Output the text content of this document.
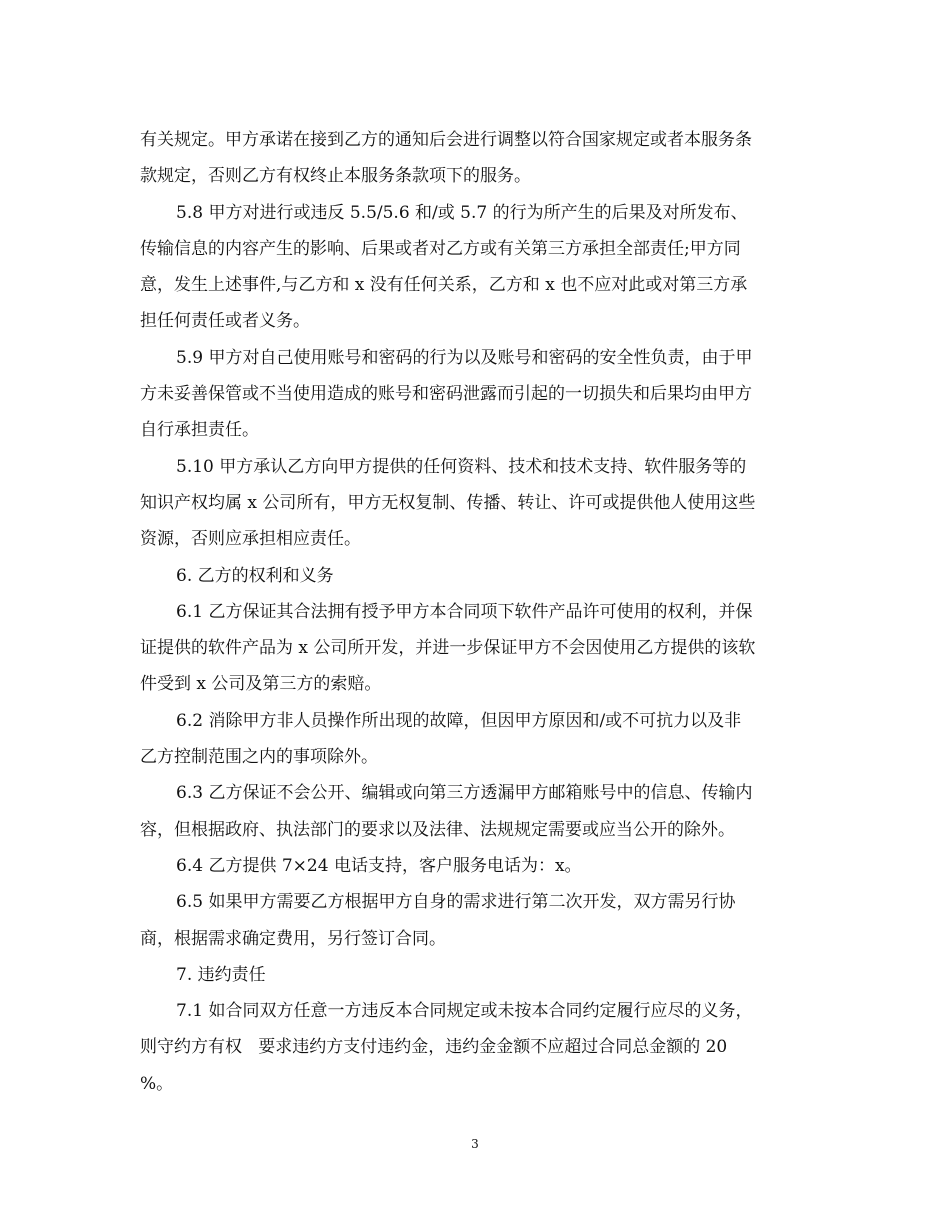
有关规定。甲方承诺在接到乙方的通知后会进行调整以符合国家规定或者本服务条
款规定，否则乙方有权终止本服务条款项下的服务。
5.8 甲方对进行或违反 5.5/5.6 和/或 5.7 的行为所产生的后果及对所发布、
传输信息的内容产生的影响、后果或者对乙方或有关第三方承担全部责任;甲方同
意，发生上述事件,与乙方和 x 没有任何关系，乙方和 x 也不应对此或对第三方承
担任何责任或者义务。
5.9 甲方对自己使用账号和密码的行为以及账号和密码的安全性负责，由于甲
方未妥善保管或不当使用造成的账号和密码泄露而引起的一切损失和后果均由甲方
自行承担责任。
5.10 甲方承认乙方向甲方提供的任何资料、技术和技术支持、软件服务等的
知识产权均属 x 公司所有，甲方无权复制、传播、转让、许可或提供他人使用这些
资源，否则应承担相应责任。
6. 乙方的权利和义务
6.1 乙方保证其合法拥有授予甲方本合同项下软件产品许可使用的权利，并保
证提供的软件产品为 x 公司所开发，并进一步保证甲方不会因使用乙方提供的该软
件受到 x 公司及第三方的索赔。
6.2 消除甲方非人员操作所出现的故障，但因甲方原因和/或不可抗力以及非
乙方控制范围之内的事项除外。
6.3 乙方保证不会公开、编辑或向第三方透漏甲方邮箱账号中的信息、传输内
容，但根据政府、执法部门的要求以及法律、法规规定需要或应当公开的除外。
6.4 乙方提供 7×24 电话支持，客户服务电话为：x。
6.5 如果甲方需要乙方根据甲方自身的需求进行第二次开发，双方需另行协
商，根据需求确定费用，另行签订合同。
7. 违约责任
7.1 如合同双方任意一方违反本合同规定或未按本合同约定履行应尽的义务，
则守约方有权   要求违约方支付违约金，违约金金额不应超过合同总金额的 20
%。
3
